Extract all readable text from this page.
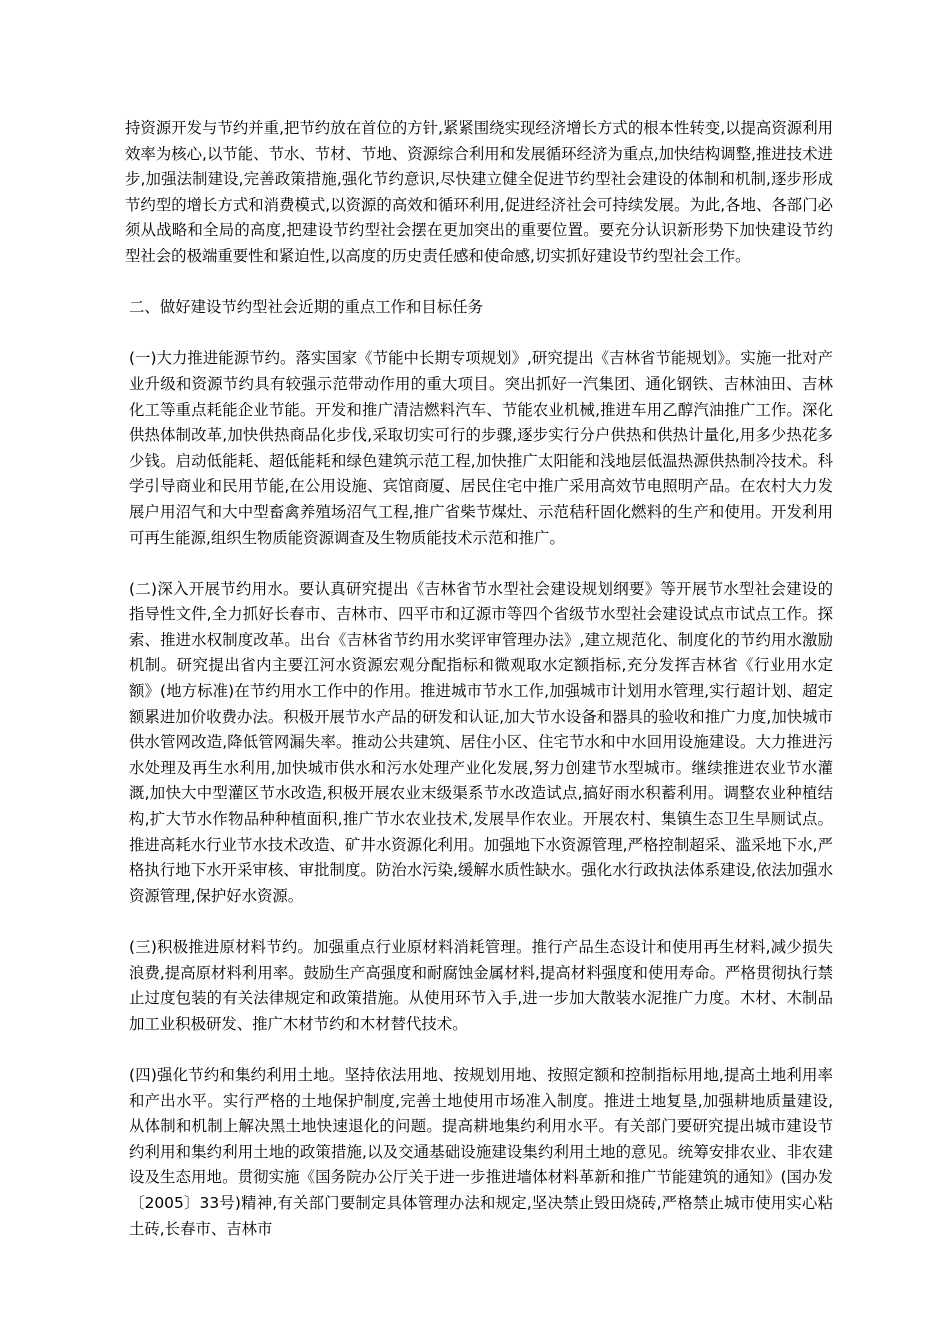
持资源开发与节约并重,把节约放在首位的方针,紧紧围绕实现经济增长方式的根本性转变,以提高资源利用效率为核心,以节能、节水、节材、节地、资源综合利用和发展循环经济为重点,加快结构调整,推进技术进步,加强法制建设,完善政策措施,强化节约意识,尽快建立健全促进节约型社会建设的体制和机制,逐步形成节约型的增长方式和消费模式,以资源的高效和循环利用,促进经济社会可持续发展。为此,各地、各部门必须从战略和全局的高度,把建设节约型社会摆在更加突出的重要位置。要充分认识新形势下加快建设节约型社会的极端重要性和紧迫性,以高度的历史责任感和使命感,切实抓好建设节约型社会工作。

二、做好建设节约型社会近期的重点工作和目标任务

(一)大力推进能源节约。落实国家《节能中长期专项规划》,研究提出《吉林省节能规划》。实施一批对产业升级和资源节约具有较强示范带动作用的重大项目。突出抓好一汽集团、通化钢铁、吉林油田、吉林化工等重点耗能企业节能。开发和推广清洁燃料汽车、节能农业机械,推进车用乙醇汽油推广工作。深化供热体制改革,加快供热商品化步伐,采取切实可行的步骤,逐步实行分户供热和供热计量化,用多少热花多少钱。启动低能耗、超低能耗和绿色建筑示范工程,加快推广太阳能和浅地层低温热源供热制冷技术。科学引导商业和民用节能,在公用设施、宾馆商厦、居民住宅中推广采用高效节电照明产品。在农村大力发展户用沼气和大中型畜禽养殖场沼气工程,推广省柴节煤灶、示范秸秆固化燃料的生产和使用。开发利用可再生能源,组织生物质能资源调查及生物质能技术示范和推广。

(二)深入开展节约用水。要认真研究提出《吉林省节水型社会建设规划纲要》等开展节水型社会建设的指导性文件,全力抓好长春市、吉林市、四平市和辽源市等四个省级节水型社会建设试点市试点工作。探索、推进水权制度改革。出台《吉林省节约用水奖评审管理办法》,建立规范化、制度化的节约用水激励机制。研究提出省内主要江河水资源宏观分配指标和微观取水定额指标,充分发挥吉林省《行业用水定额》(地方标准)在节约用水工作中的作用。推进城市节水工作,加强城市计划用水管理,实行超计划、超定额累进加价收费办法。积极开展节水产品的研发和认证,加大节水设备和器具的验收和推广力度,加快城市供水管网改造,降低管网漏失率。推动公共建筑、居住小区、住宅节水和中水回用设施建设。大力推进污水处理及再生水利用,加快城市供水和污水处理产业化发展,努力创建节水型城市。继续推进农业节水灌溉,加快大中型灌区节水改造,积极开展农业末级渠系节水改造试点,搞好雨水积蓄利用。调整农业种植结构,扩大节水作物品种种植面积,推广节水农业技术,发展旱作农业。开展农村、集镇生态卫生旱厕试点。推进高耗水行业节水技术改造、矿井水资源化利用。加强地下水资源管理,严格控制超采、滥采地下水,严格执行地下水开采审核、审批制度。防治水污染,缓解水质性缺水。强化水行政执法体系建设,依法加强水资源管理,保护好水资源。

(三)积极推进原材料节约。加强重点行业原材料消耗管理。推行产品生态设计和使用再生材料,减少损失浪费,提高原材料利用率。鼓励生产高强度和耐腐蚀金属材料,提高材料强度和使用寿命。严格贯彻执行禁止过度包装的有关法律规定和政策措施。从使用环节入手,进一步加大散装水泥推广力度。木材、木制品加工业积极研发、推广木材节约和木材替代技术。

(四)强化节约和集约利用土地。坚持依法用地、按规划用地、按照定额和控制指标用地,提高土地利用率和产出水平。实行严格的土地保护制度,完善土地使用市场准入制度。推进土地复垦,加强耕地质量建设,从体制和机制上解决黑土地快速退化的问题。提高耕地集约利用水平。有关部门要研究提出城市建设节约利用和集约利用土地的政策措施,以及交通基础设施建设集约利用土地的意见。统筹安排农业、非农建设及生态用地。贯彻实施《国务院办公厅关于进一步推进墙体材料革新和推广节能建筑的通知》(国办发〔2005〕33号)精神,有关部门要制定具体管理办法和规定,坚决禁止毁田烧砖,严格禁止城市使用实心粘土砖,长春市、吉林市
